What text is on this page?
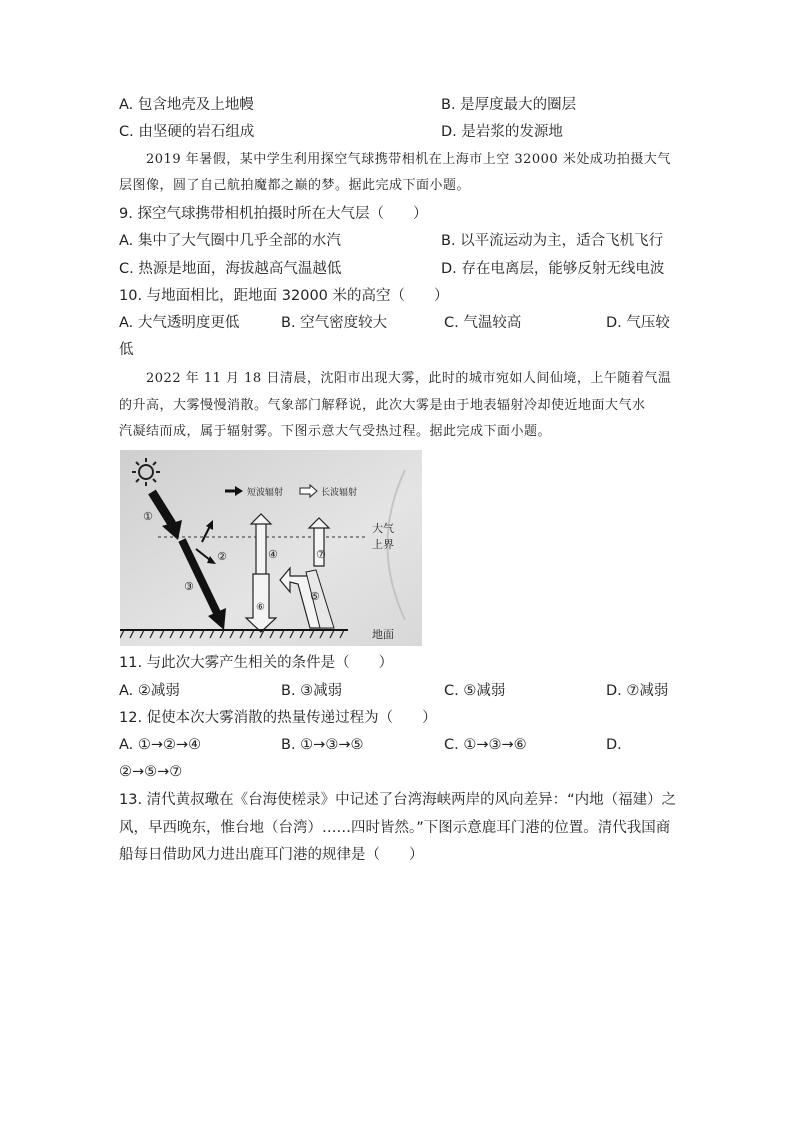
A. 包含地壳及上地幔	B. 是厚度最大的圈层
C. 由坚硬的岩石组成	D. 是岩浆的发源地
2019 年暑假，某中学生利用探空气球携带相机在上海市上空 32000 米处成功拍摄大气
层图像，圆了自己航拍魔都之巅的梦。据此完成下面小题。
9. 探空气球携带相机拍摄时所在大气层（　　）
A. 集中了大气圈中几乎全部的水汽	B. 以平流运动为主，适合飞机飞行
C. 热源是地面，海拔越高气温越低	D. 存在电离层，能够反射无线电波
10. 与地面相比，距地面 32000 米的高空（　　）
A. 大气透明度更低	B. 空气密度较大	C. 气温较高	D. 气压较
低
2022 年 11 月 18 日清晨，沈阳市出现大雾，此时的城市宛如人间仙境，上午随着气温
的升高，大雾慢慢消散。气象部门解释说，此次大雾是由于地表辐射冷却使近地面大气水
汽凝结而成，属于辐射雾。下图示意大气受热过程。据此完成下面小题。
短波辐射	长波辐射
大气
上界
地面
①
②
③
④
⑤
⑥
⑦
11. 与此次大雾产生相关的条件是（　　）
A. ②减弱	B. ③减弱	C. ⑤减弱	D. ⑦减弱
12. 促使本次大雾消散的热量传递过程为（　　）
A. ①→②→④	B. ①→③→⑤	C. ①→③→⑥	D.
②→⑤→⑦
13. 清代黄叔璥在《台海使槎录》中记述了台湾海峡两岸的风向差异：“内地（福建）之
风，早西晚东，惟台地（台湾）……四时皆然。”下图示意鹿耳门港的位置。清代我国商
船每日借助风力进出鹿耳门港的规律是（　　）
